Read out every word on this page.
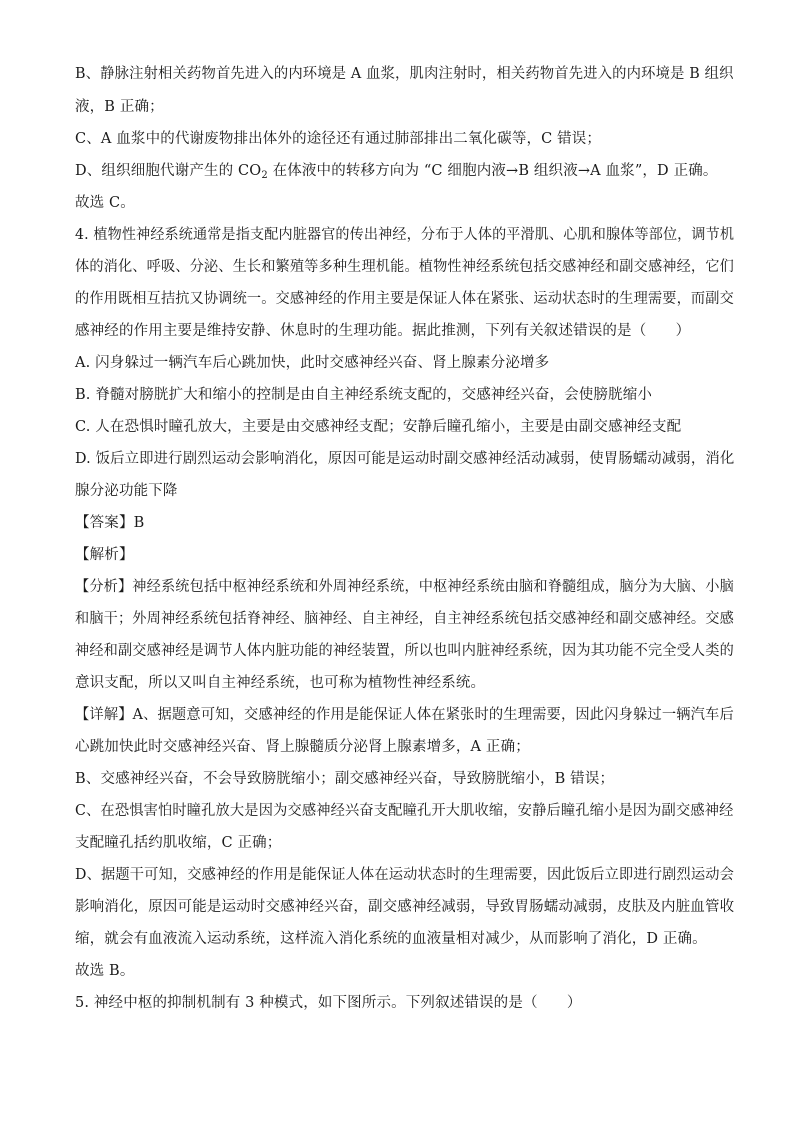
B、静脉注射相关药物首先进入的内环境是 A 血浆，肌肉注射时，相关药物首先进入的内环境是 B 组织
液，B 正确；
C、A 血浆中的代谢废物排出体外的途径还有通过肺部排出二氧化碳等，C 错误；
D、组织细胞代谢产生的 $CO_2$ 在体液中的转移方向为 “C 细胞内液→B 组织液→A 血浆”，D 正确。
故选 C。
4. 植物性神经系统通常是指支配内脏器官的传出神经，分布于人体的平滑肌、心肌和腺体等部位，调节机
体的消化、呼吸、分泌、生长和繁殖等多种生理机能。植物性神经系统包括交感神经和副交感神经，它们
的作用既相互拮抗又协调统一。交感神经的作用主要是保证人体在紧张、运动状态时的生理需要，而副交
感神经的作用主要是维持安静、休息时的生理功能。据此推测，下列有关叙述错误的是（　　）
A. 闪身躲过一辆汽车后心跳加快，此时交感神经兴奋、肾上腺素分泌增多
B. 脊髓对膀胱扩大和缩小的控制是由自主神经系统支配的，交感神经兴奋，会使膀胱缩小
C. 人在恐惧时瞳孔放大，主要是由交感神经支配；安静后瞳孔缩小，主要是由副交感神经支配
D. 饭后立即进行剧烈运动会影响消化，原因可能是运动时副交感神经活动减弱，使胃肠蠕动减弱，消化
腺分泌功能下降
【答案】B
【解析】
【分析】神经系统包括中枢神经系统和外周神经系统，中枢神经系统由脑和脊髓组成，脑分为大脑、小脑
和脑干；外周神经系统包括脊神经、脑神经、自主神经，自主神经系统包括交感神经和副交感神经。交感
神经和副交感神经是调节人体内脏功能的神经装置，所以也叫内脏神经系统，因为其功能不完全受人类的
意识支配，所以又叫自主神经系统，也可称为植物性神经系统。
【详解】A、据题意可知，交感神经的作用是能保证人体在紧张时的生理需要，因此闪身躲过一辆汽车后
心跳加快此时交感神经兴奋、肾上腺髓质分泌肾上腺素增多，A 正确；
B、交感神经兴奋，不会导致膀胱缩小；副交感神经兴奋，导致膀胱缩小，B 错误；
C、在恐惧害怕时瞳孔放大是因为交感神经兴奋支配瞳孔开大肌收缩，安静后瞳孔缩小是因为副交感神经
支配瞳孔括约肌收缩，C 正确；
D、据题干可知，交感神经的作用是能保证人体在运动状态时的生理需要，因此饭后立即进行剧烈运动会
影响消化，原因可能是运动时交感神经兴奋，副交感神经减弱，导致胃肠蠕动减弱，皮肤及内脏血管收
缩，就会有血液流入运动系统，这样流入消化系统的血液量相对减少，从而影响了消化，D 正确。
故选 B。
5. 神经中枢的抑制机制有 3 种模式，如下图所示。下列叙述错误的是（　　）
